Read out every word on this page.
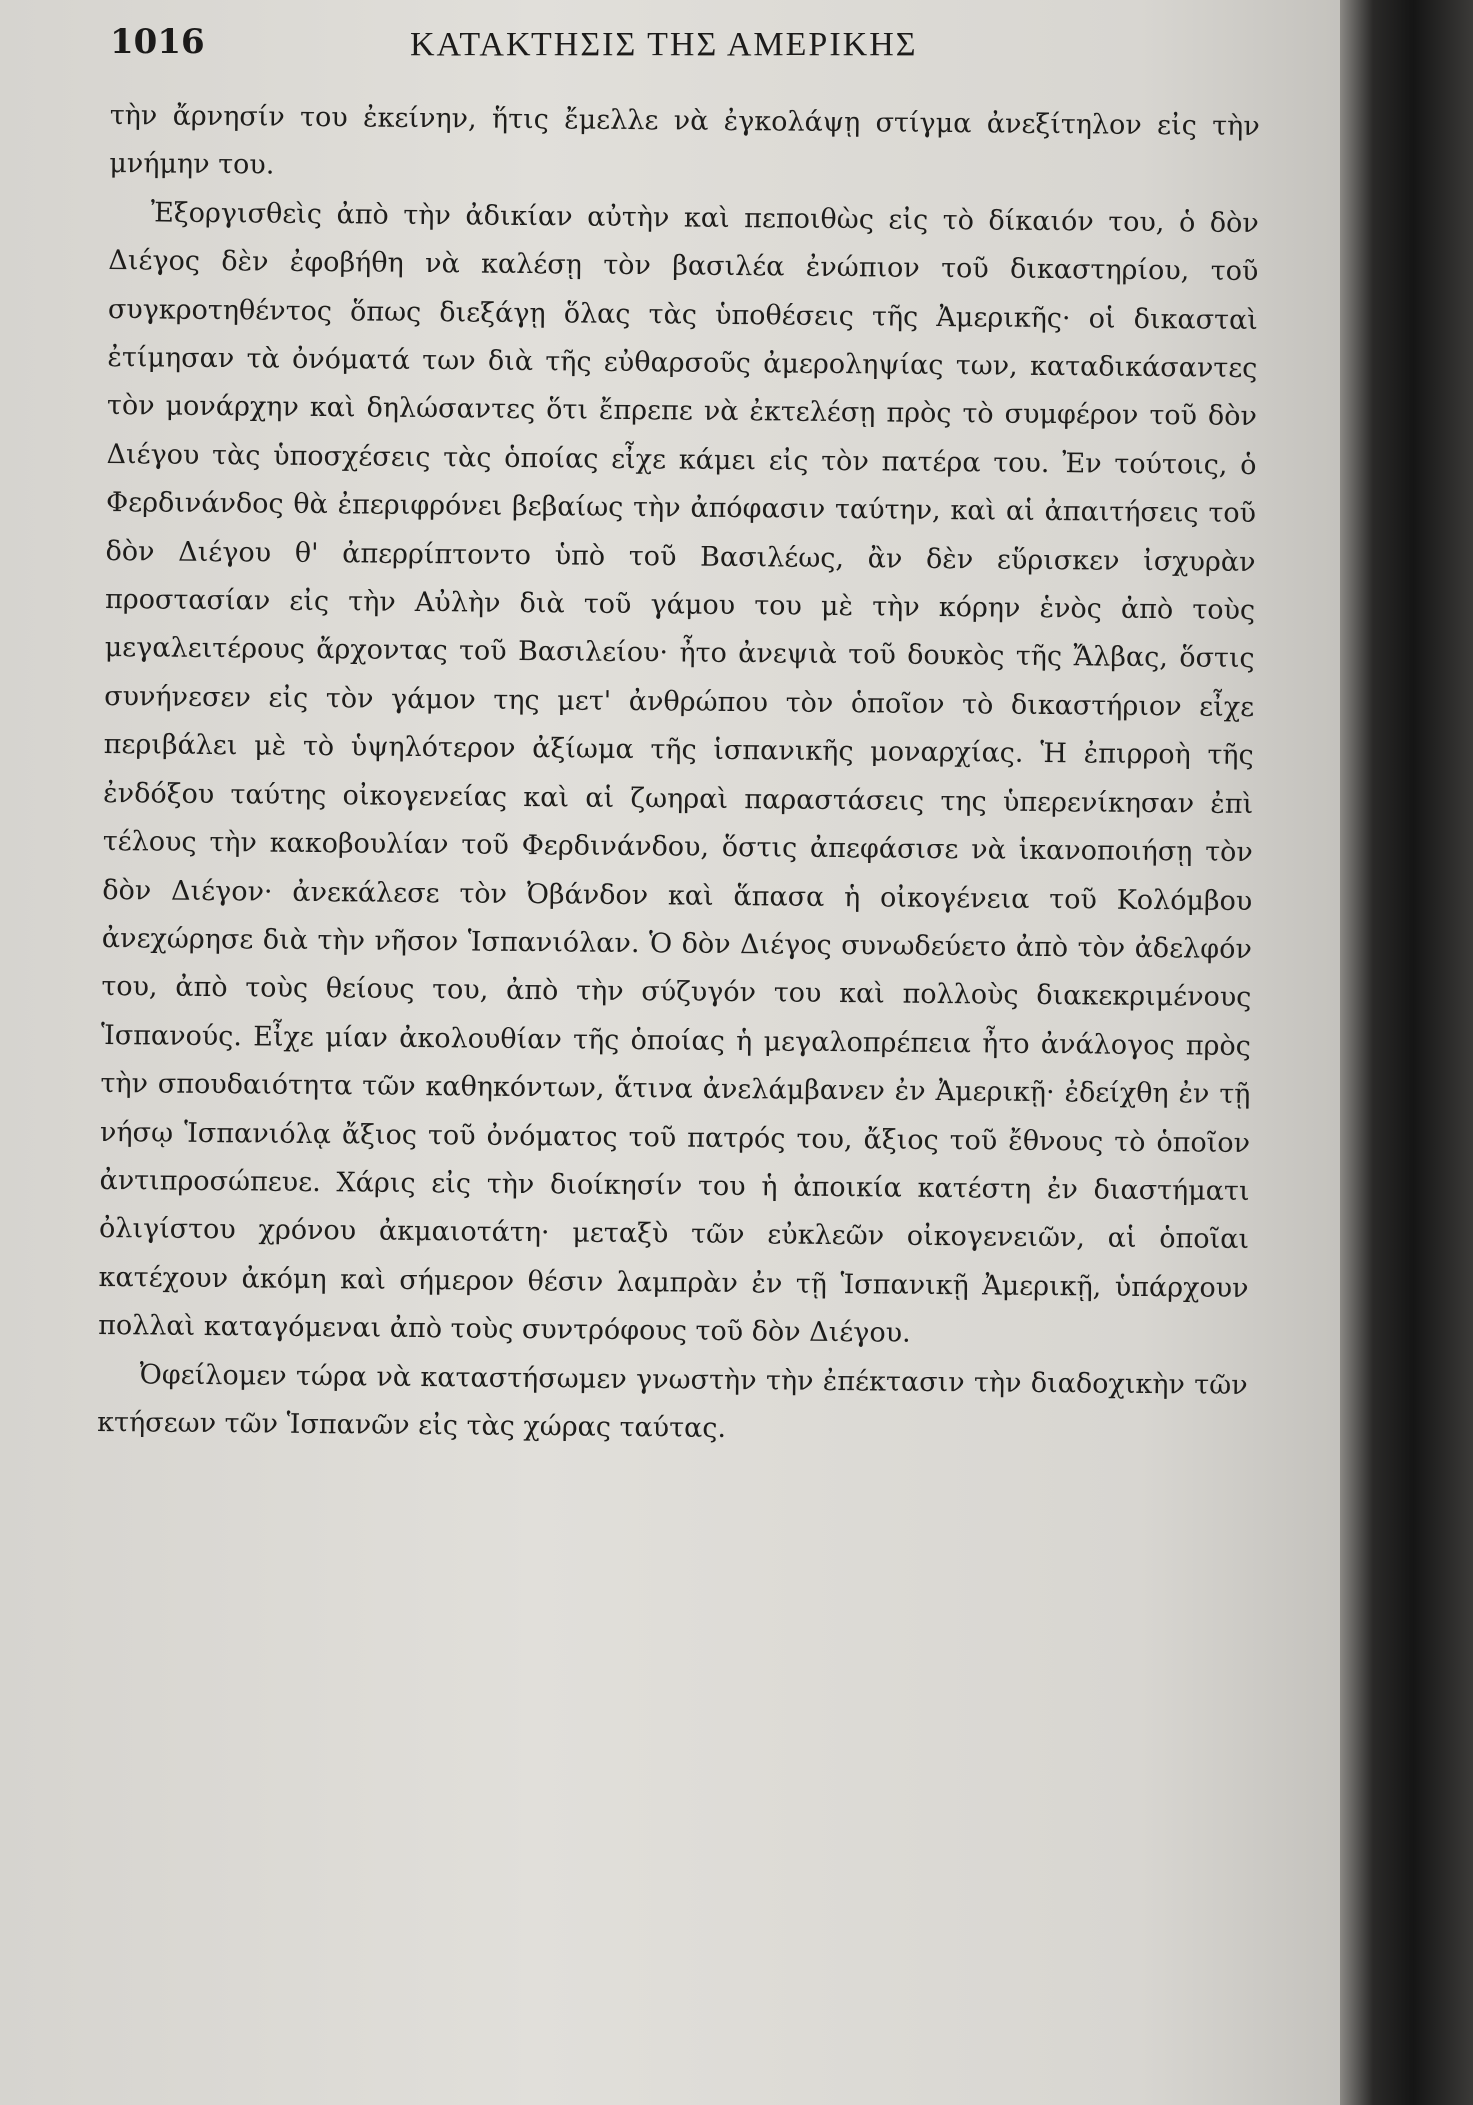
1016	ΚΑΤΑΚΤΗΣΙΣ ΤΗΣ ΑΜΕΡΙΚΗΣ

τὴν ἄρνησίν του ἐκείνην, ἥτις ἔμελλε νὰ ἐγκολάψῃ στίγμα ἀνεξίτηλον εἰς τὴν μνήμην του.

Ἐξοργισθεὶς ἀπὸ τὴν ἀδικίαν αὐτὴν καὶ πεποιθὼς εἰς τὸ δίκαιόν του, ὁ δὸν Διέγος δὲν ἐφοβήθη νὰ καλέσῃ τὸν βασιλέα ἐνώπιον τοῦ δικαστηρίου, τοῦ συγκροτηθέντος ὅπως διεξάγῃ ὅλας τὰς ὑποθέσεις τῆς Ἀμερικῆς· οἱ δικασταὶ ἐτίμησαν τὰ ὀνόματά των διὰ τῆς εὐθαρσοῦς ἀμεροληψίας των, καταδικάσαντες τὸν μονάρχην καὶ δηλώσαντες ὅτι ἔπρεπε νὰ ἐκτελέσῃ πρὸς τὸ συμφέρον τοῦ δὸν Διέγου τὰς ὑποσχέσεις τὰς ὁποίας εἶχε κάμει εἰς τὸν πατέρα του. Ἐν τούτοις, ὁ Φερδινάνδος θὰ ἐπεριφρόνει βεβαίως τὴν ἀπόφασιν ταύτην, καὶ αἱ ἀπαιτήσεις τοῦ δὸν Διέγου θ' ἀπερρίπτοντο ὑπὸ τοῦ Βασιλέως, ἂν δὲν εὕρισκεν ἰσχυρὰν προστασίαν εἰς τὴν Αὐλὴν διὰ τοῦ γάμου του μὲ τὴν κόρην ἑνὸς ἀπὸ τοὺς μεγαλειτέρους ἄρχοντας τοῦ Βασιλείου· ἦτο ἀνεψιὰ τοῦ δουκὸς τῆς Ἄλβας, ὅστις συνήνεσεν εἰς τὸν γάμον της μετ' ἀνθρώπου τὸν ὁποῖον τὸ δικαστήριον εἶχε περιβάλει μὲ τὸ ὑψηλότερον ἀξίωμα τῆς ἱσπανικῆς μοναρχίας. Ἡ ἐπιρροὴ τῆς ἐνδόξου ταύτης οἰκογενείας καὶ αἱ ζωηραὶ παραστάσεις της ὑπερενίκησαν ἐπὶ τέλους τὴν κακοβουλίαν τοῦ Φερδινάνδου, ὅστις ἀπεφάσισε νὰ ἱκανοποιήσῃ τὸν δὸν Διέγον· ἀνεκάλεσε τὸν Ὀβάνδον καὶ ἅπασα ἡ οἰκογένεια τοῦ Κολόμβου ἀνεχώρησε διὰ τὴν νῆσον Ἱσπανιόλαν. Ὁ δὸν Διέγος συνωδεύετο ἀπὸ τὸν ἀδελφόν του, ἀπὸ τοὺς θείους του, ἀπὸ τὴν σύζυγόν του καὶ πολλοὺς διακεκριμένους Ἱσπανούς. Εἶχε μίαν ἀκολουθίαν τῆς ὁποίας ἡ μεγαλοπρέπεια ἦτο ἀνάλογος πρὸς τὴν σπουδαιότητα τῶν καθηκόντων, ἅτινα ἀνελάμβανεν ἐν Ἀμερικῇ· ἐδείχθη ἐν τῇ νήσῳ Ἱσπανιόλᾳ ἄξιος τοῦ ὀνόματος τοῦ πατρός του, ἄξιος τοῦ ἔθνους τὸ ὁποῖον ἀντιπροσώπευε. Χάρις εἰς τὴν διοίκησίν του ἡ ἀποικία κατέστη ἐν διαστήματι ὀλιγίστου χρόνου ἀκμαιοτάτη· μεταξὺ τῶν εὐκλεῶν οἰκογενειῶν, αἱ ὁποῖαι κατέχουν ἀκόμη καὶ σήμερον θέσιν λαμπρὰν ἐν τῇ Ἱσπανικῇ Ἀμερικῇ, ὑπάρχουν πολλαὶ καταγόμεναι ἀπὸ τοὺς συντρόφους τοῦ δὸν Διέγου.

Ὀφείλομεν τώρα νὰ καταστήσωμεν γνωστὴν τὴν ἐπέκτασιν τὴν διαδοχικὴν τῶν κτήσεων τῶν Ἱσπανῶν εἰς τὰς χώρας ταύτας.
